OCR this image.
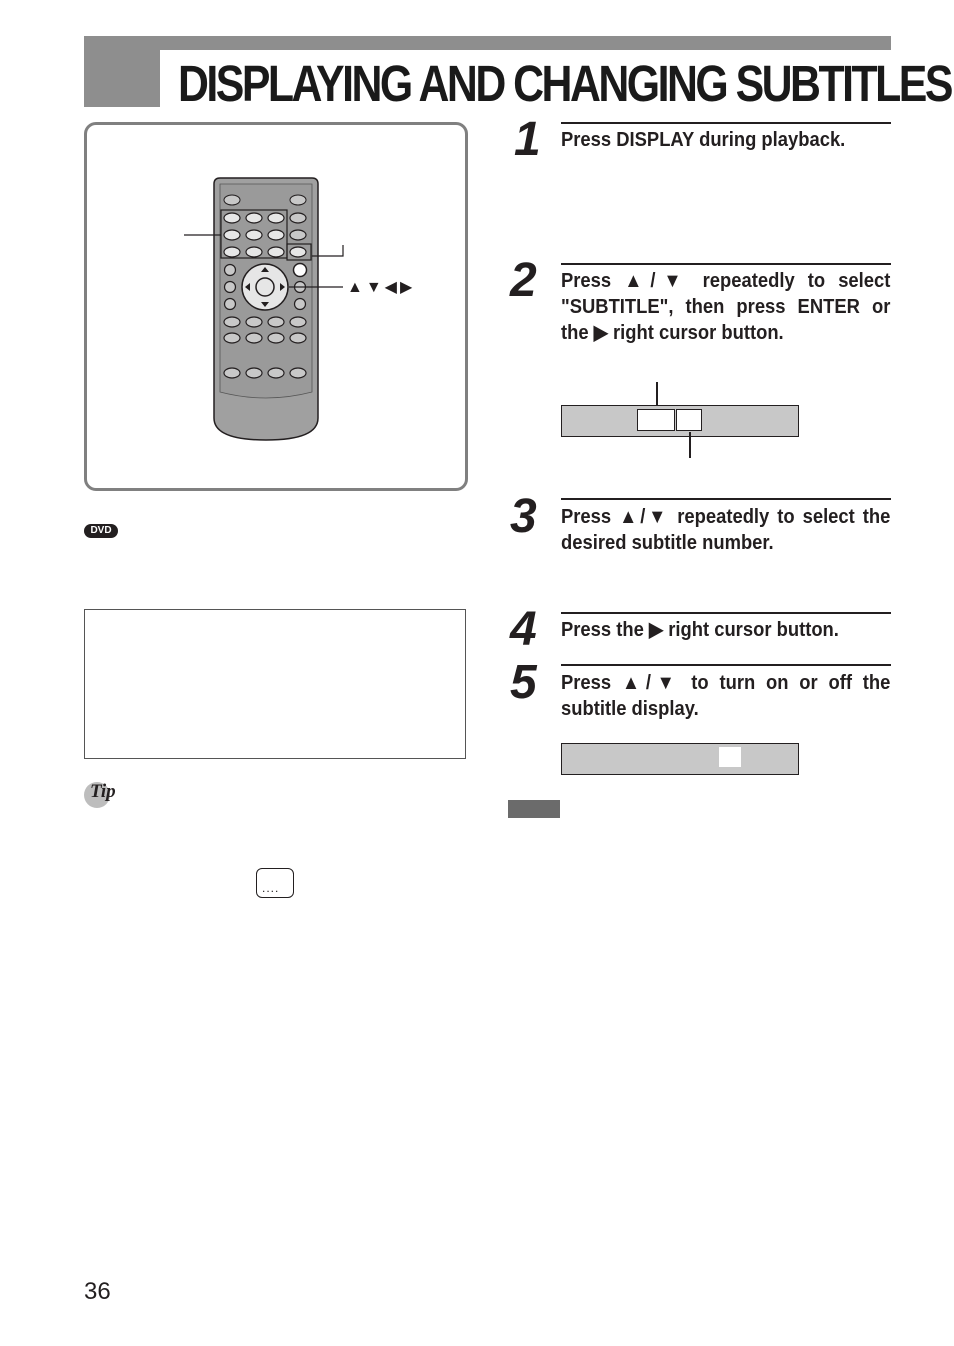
DISPLAYING AND CHANGING SUBTITLES
▲▼◀▶
DVD
Tip
....
1 Press DISPLAY during playback.
2 Press ▲/▼ repeatedly to select "SUBTITLE", then press ENTER or the ▶ right cursor button.
3 Press ▲/▼ repeatedly to select the desired subtitle number.
4 Press the ▶ right cursor button.
5 Press ▲/▼ to turn on or off the subtitle display.
36
